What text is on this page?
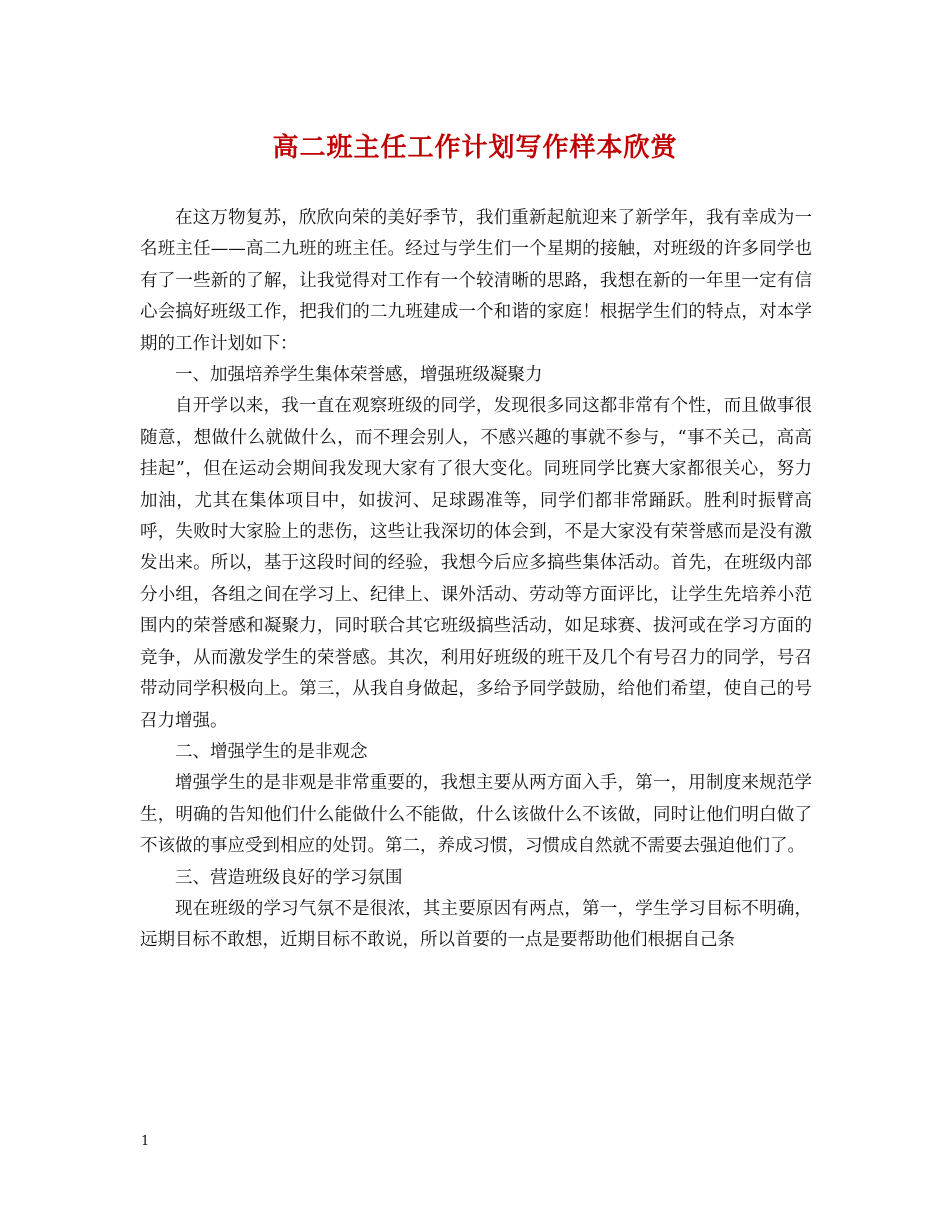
高二班主任工作计划写作样本欣赏

在这万物复苏，欣欣向荣的美好季节，我们重新起航迎来了新学年，我有幸成为一名班主任——高二九班的班主任。经过与学生们一个星期的接触，对班级的许多同学也有了一些新的了解，让我觉得对工作有一个较清晰的思路，我想在新的一年里一定有信心会搞好班级工作，把我们的二九班建成一个和谐的家庭！根据学生们的特点，对本学期的工作计划如下：

一、加强培养学生集体荣誉感，增强班级凝聚力

自开学以来，我一直在观察班级的同学，发现很多同这都非常有个性，而且做事很随意，想做什么就做什么，而不理会别人，不感兴趣的事就不参与，“事不关己，高高挂起”，但在运动会期间我发现大家有了很大变化。同班同学比赛大家都很关心，努力加油，尤其在集体项目中，如拔河、足球踢准等，同学们都非常踊跃。胜利时振臂高呼，失败时大家脸上的悲伤，这些让我深切的体会到，不是大家没有荣誉感而是没有激发出来。所以，基于这段时间的经验，我想今后应多搞些集体活动。首先，在班级内部分小组，各组之间在学习上、纪律上、课外活动、劳动等方面评比，让学生先培养小范围内的荣誉感和凝聚力，同时联合其它班级搞些活动，如足球赛、拔河或在学习方面的竞争，从而激发学生的荣誉感。其次，利用好班级的班干及几个有号召力的同学，号召带动同学积极向上。第三，从我自身做起，多给予同学鼓励，给他们希望，使自己的号召力增强。

二、增强学生的是非观念

增强学生的是非观是非常重要的，我想主要从两方面入手，第一，用制度来规范学生，明确的告知他们什么能做什么不能做，什么该做什么不该做，同时让他们明白做了不该做的事应受到相应的处罚。第二，养成习惯，习惯成自然就不需要去强迫他们了。

三、营造班级良好的学习氛围

现在班级的学习气氛不是很浓，其主要原因有两点，第一，学生学习目标不明确，远期目标不敢想，近期目标不敢说，所以首要的一点是要帮助他们根据自己条

1
